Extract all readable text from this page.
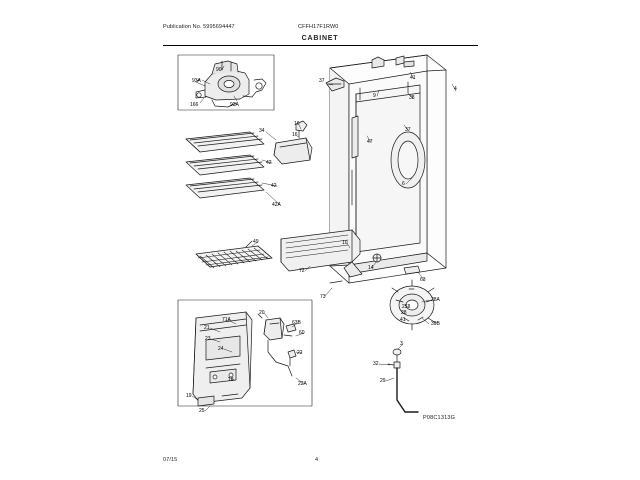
Publication No. 5995694447	CFFH17F1RW0
CABINET
93A
90
166	93A
37	41
9	38
4
16
16
34
47
37
6
42
42
42A
10
49
72
73
14
63
28A
252
28
41
39B
20
71A
21
63B
60
23
24
22
18
22A
19
25
3
32
29
P08C1313G
07/15	4
